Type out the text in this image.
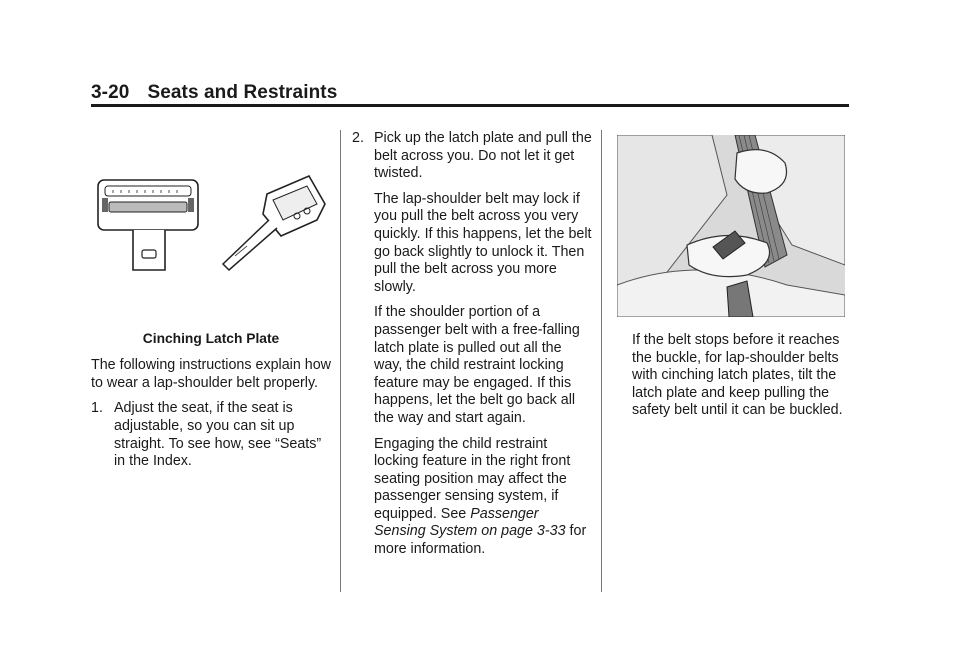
3-20 Seats and Restraints

Cinching Latch Plate

The following instructions explain how to wear a lap-shoulder belt properly.

1. Adjust the seat, if the seat is adjustable, so you can sit up straight. To see how, see “Seats” in the Index.

2. Pick up the latch plate and pull the belt across you. Do not let it get twisted.

The lap-shoulder belt may lock if you pull the belt across you very quickly. If this happens, let the belt go back slightly to unlock it. Then pull the belt across you more slowly.

If the shoulder portion of a passenger belt with a free-falling latch plate is pulled out all the way, the child restraint locking feature may be engaged. If this happens, let the belt go back all the way and start again.

Engaging the child restraint locking feature in the right front seating position may affect the passenger sensing system, if equipped. See Passenger Sensing System on page 3-33 for more information.

If the belt stops before it reaches the buckle, for lap-shoulder belts with cinching latch plates, tilt the latch plate and keep pulling the safety belt until it can be buckled.
